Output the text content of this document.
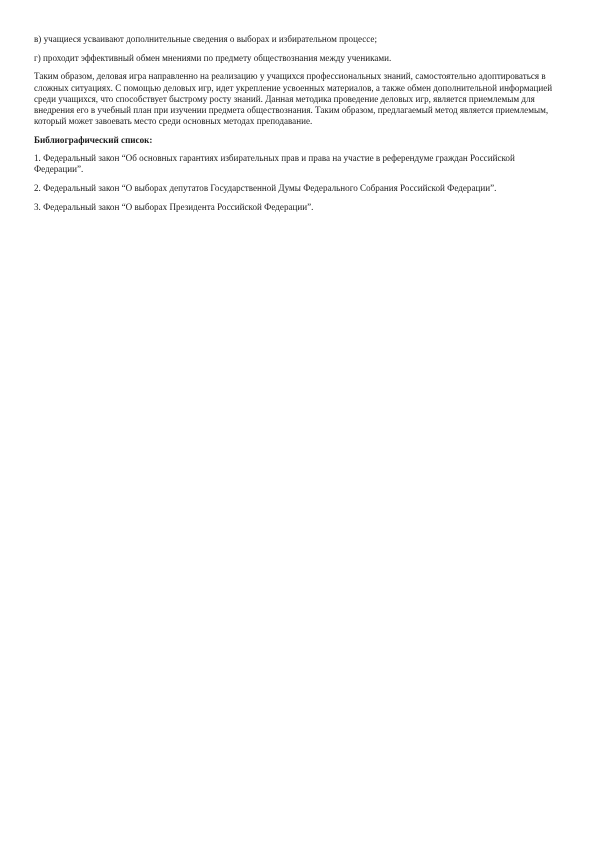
в) учащиеся усваивают дополнительные сведения о выборах и избирательном процессе;

г) проходит эффективный обмен мнениями по предмету обществознания между учениками.

Таким образом, деловая игра направленно на реализацию у учащихся профессиональных знаний, самостоятельно адоптироваться в сложных ситуациях. С помощью деловых игр, идет укрепление усвоенных материалов, а также обмен дополнительной информацией среди учащихся, что способствует быстрому росту знаний. Данная методика проведение деловых игр, является приемлемым для внедрения его в учебный план при изучении предмета обществознания. Таким образом, предлагаемый метод является приемлемым, который может завоевать место среди основных методах преподавание.

Библиографический список:
1. Федеральный закон “Об основных гарантиях избирательных прав и права на участие в референдуме граждан Российской Федерации”.
2. Федеральный закон “О выборах депутатов Государственной Думы Федерального Собрания Российской Федерации”.
3. Федеральный закон “О выборах Президента Российской Федерации”.
